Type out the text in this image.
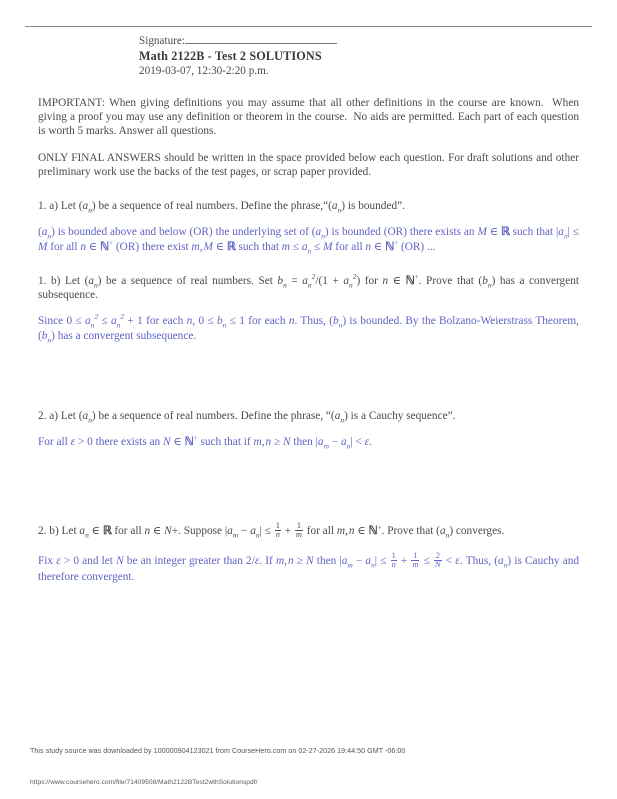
Signature:
Math 2122B - Test 2 SOLUTIONS
2019-03-07, 12:30-2:20 p.m.

IMPORTANT: When giving definitions you may assume that all other definitions in the course are known.  When giving a proof you may use any definition or theorem in the course.  No aids are permitted. Each part of each question is worth 5 marks. Answer all questions.

ONLY FINAL ANSWERS should be written in the space provided below each question. For draft solutions and other preliminary work use the backs of the test pages, or scrap paper provided.

1. a) Let $(a_n)$ be a sequence of real numbers. Define the $phrase,“(a_n)$ is bounded”.

$(a_n)$ is bounded above and below (OR) the underlying set of $(a_n)$ is bounded (OR) there exists an M ∈ ℝ such that $|a_n| \le M$ for all n ∈ ℕ+ (OR) there exist m, M ∈ ℝ such that $m \le a_n \le M$ for all n ∈ ℕ+ (OR) ...

1. b) Let $(a_n)$ be a sequence of real numbers. Set $b_n = a_n^2/(1 + a_n^2)$ for n ∈ ℕ+. Prove that $(b_n)$ has a convergent subsequence.

Since $0 \le a_n^2 \le a_n^2 + 1$ for each n, $0 \le b_n \le 1$ for each n. Thus, $(b_n)$ is bounded. By the Bolzano-Weierstrass Theorem, $(b_n)$ has a convergent subsequence.

2. a) Let $(a_n)$ be a sequence of real numbers. Define the phrase, “$(a_n)$ is a Cauchy sequence”.

For all ε > 0 there exists an N ∈ ℕ+ such that if m, n ≥ N then $|a_m - a_n| < \varepsilon$.

2. b) Let $a_n$ ∈ ℝ for all n ∈ N+. Suppose $|a_m - a_n| \le \frac{1}{n} + \frac{1}{m}$ for all m, n ∈ ℕ+. Prove that $(a_n)$ converges.

Fix ε > 0 and let N be an integer greater than 2/ε. If m, n ≥ N then $|a_m - a_n| \le \frac{1}{n} + \frac{1}{m} \le \frac{2}{N} < \varepsilon$. Thus, $(a_n)$ is Cauchy and therefore convergent.

This study source was downloaded by 100000904123021 from CourseHero.com on 02-27-2026 19:44:50 GMT -06:00
https://www.coursehero.com/file/71409508/Math2122BTest2wthSolutionspdf/
